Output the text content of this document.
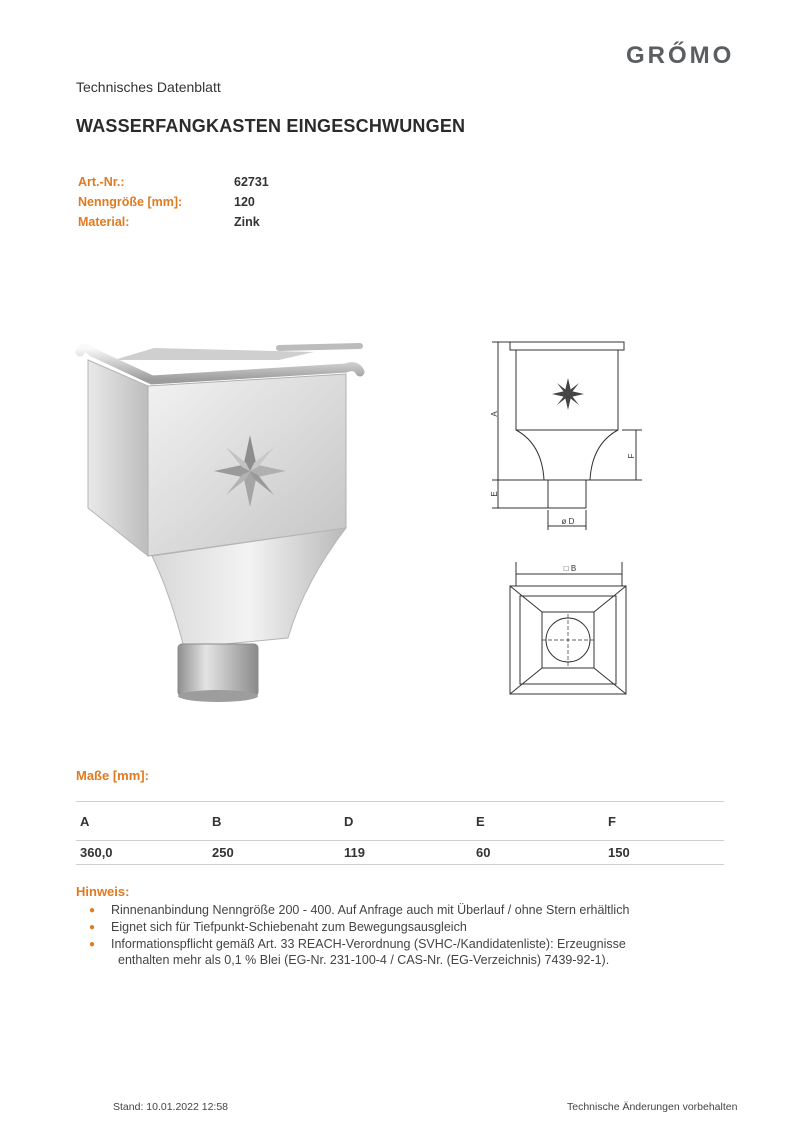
GRŐMO
Technisches Datenblatt
WASSERFANGKASTEN EINGESCHWUNGEN
Art.-Nr.:	62731
Nenngröße [mm]:	120
Material:	Zink
A
E
F
ø D
□ B
Maße [mm]:
A	B	D	E	F
360,0	250	119	60	150
Hinweis:
● Rinnenanbindung Nenngröße 200 - 400. Auf Anfrage auch mit Überlauf / ohne Stern erhältlich
● Eignet sich für Tiefpunkt-Schiebenaht zum Bewegungsausgleich
● Informationspflicht gemäß Art. 33 REACH-Verordnung (SVHC-/Kandidatenliste): Erzeugnisse
enthalten mehr als 0,1 % Blei (EG-Nr. 231-100-4 / CAS-Nr. (EG-Verzeichnis) 7439-92-1).
Stand: 10.01.2022 12:58	Technische Änderungen vorbehalten
